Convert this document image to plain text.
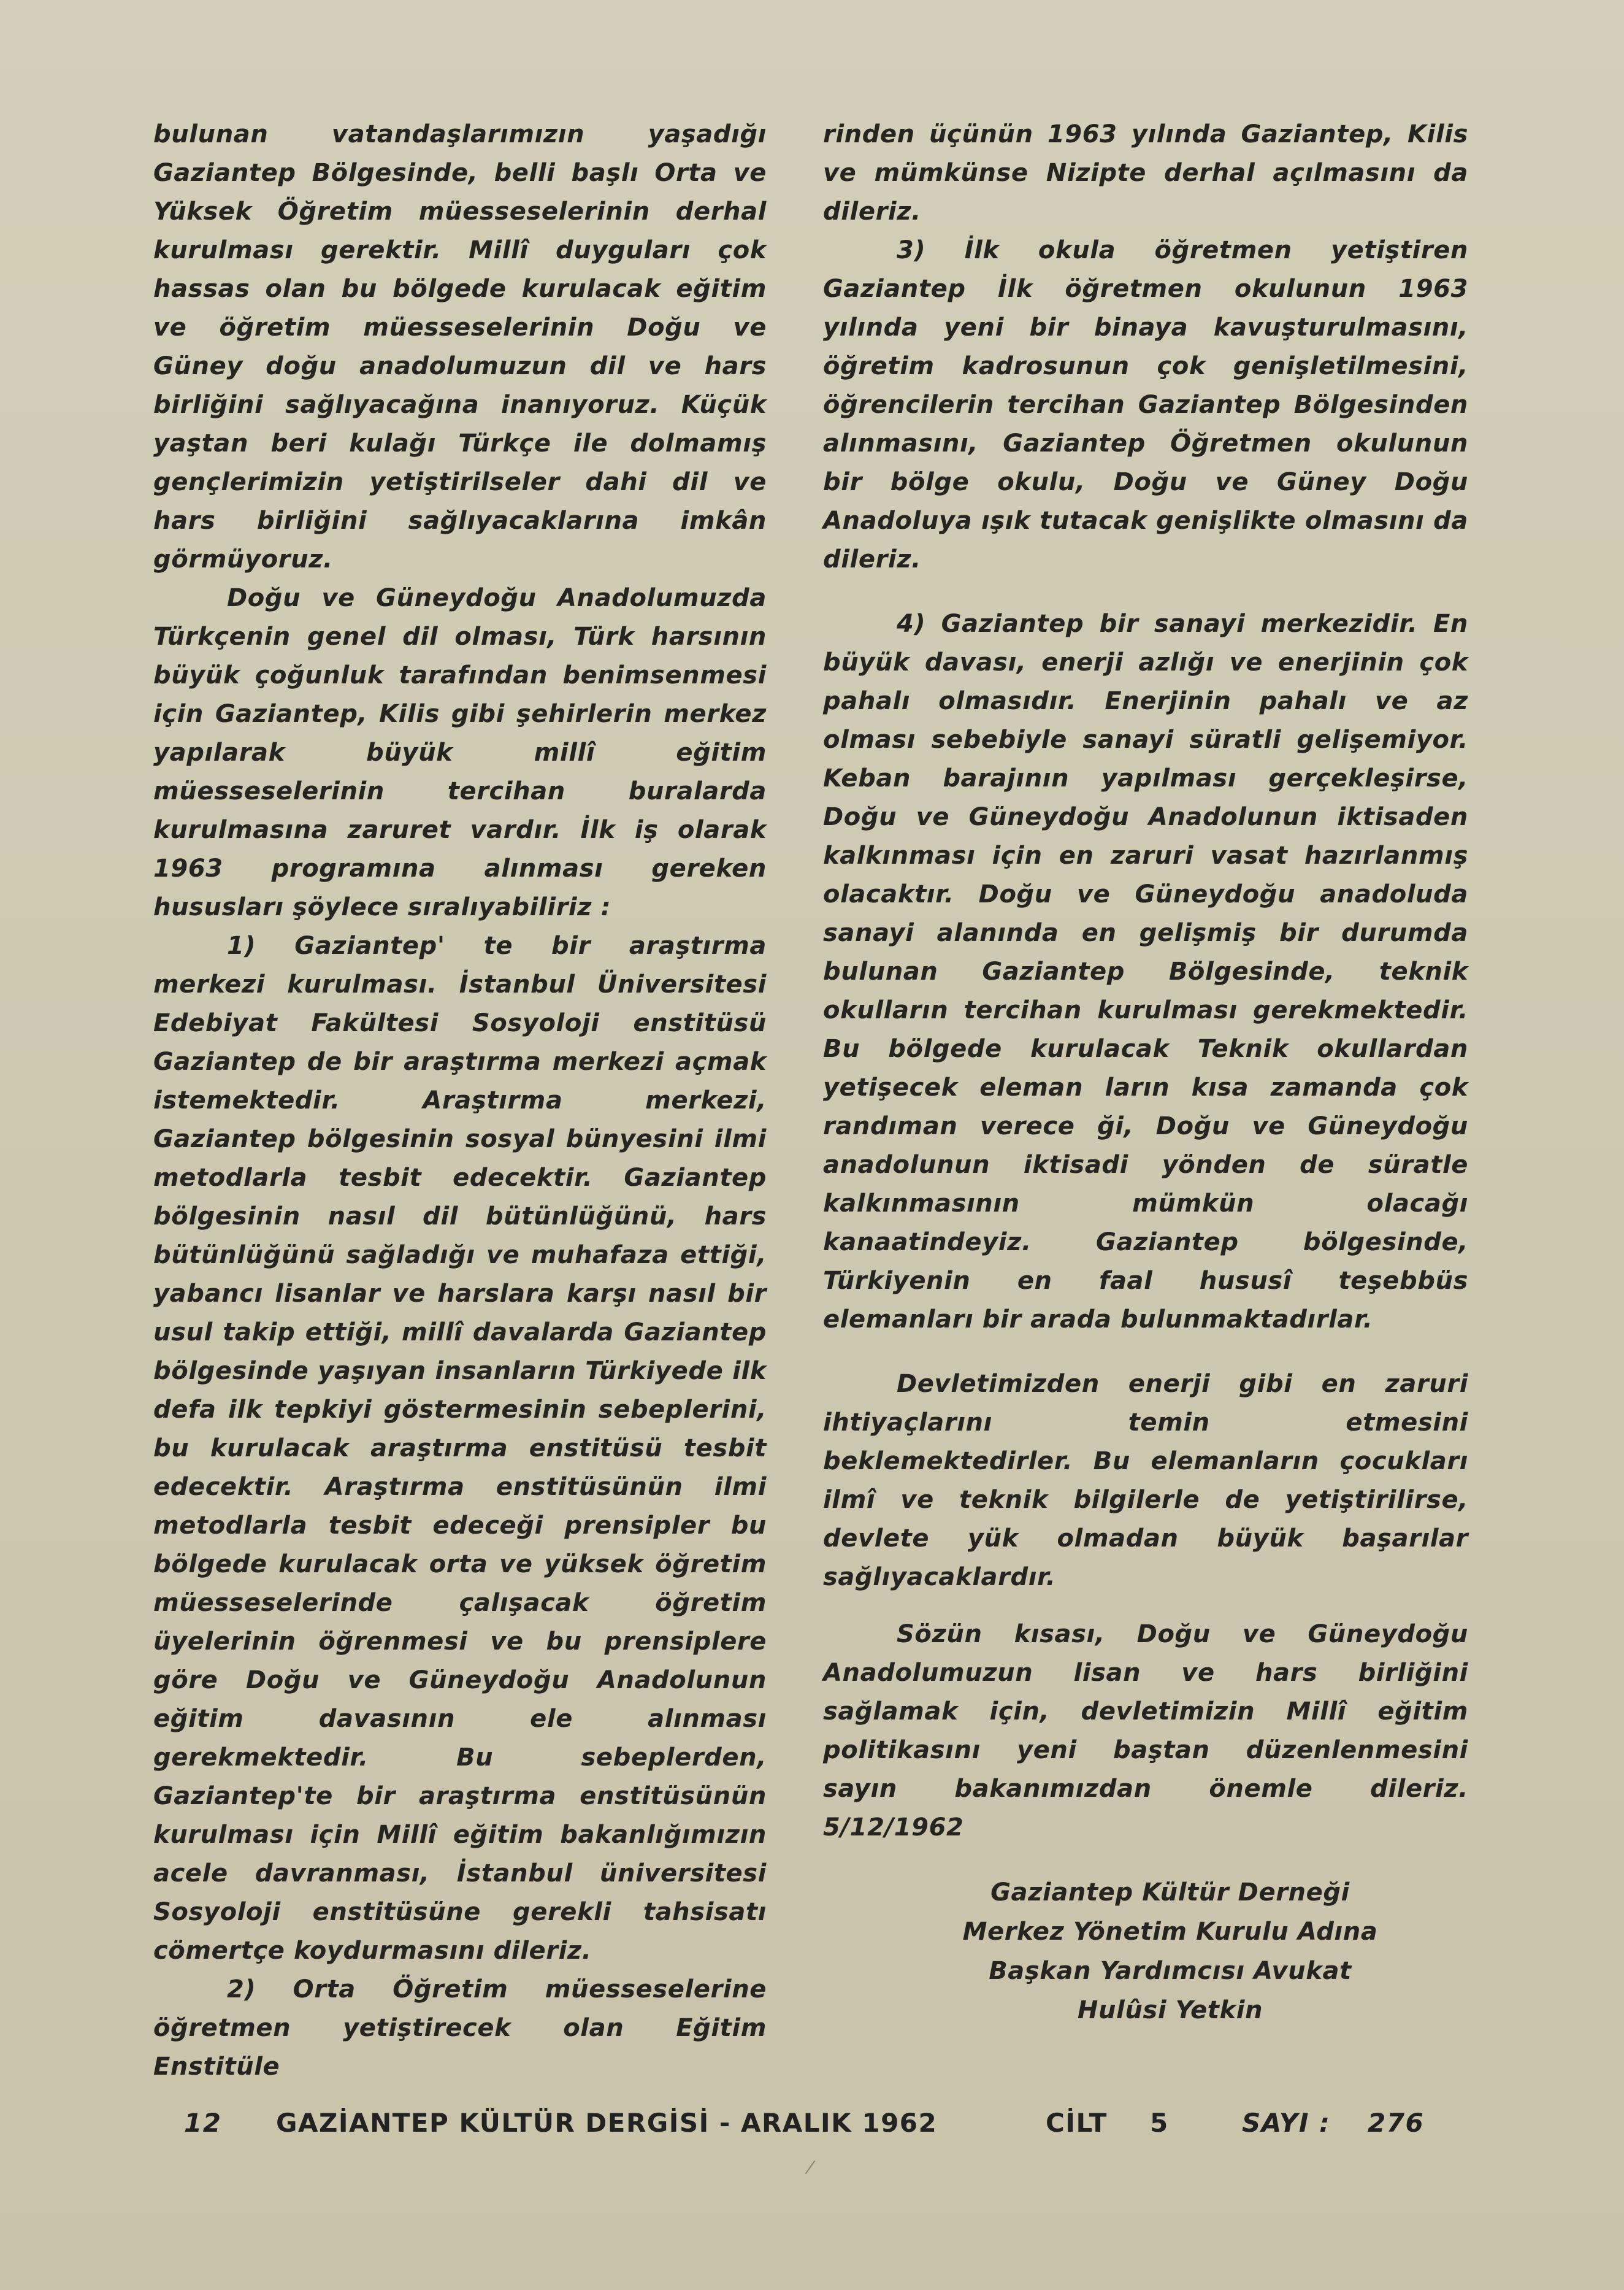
bulunan vatandaşlarımızın yaşadığı Gaziantep Bölgesinde, belli başlı Orta ve Yüksek Öğretim müesseselerinin derhal kurulması gerektir. Millî duyguları çok hassas olan bu bölgede kurulacak eğitim ve öğretim müesseselerinin Doğu ve Güney doğu anadolumuzun dil ve hars birliğini sağlıyacağına inanıyoruz. Küçük yaştan beri kulağı Türkçe ile dolmamış gençlerimizin yetiştirilseler dahi dil ve hars birliğini sağlıyacaklarına imkân görmüyoruz.

Doğu ve Güneydoğu Anadolumuzda Türkçenin genel dil olması, Türk harsının büyük çoğunluk tarafından benimsenmesi için Gaziantep, Kilis gibi şehirlerin merkez yapılarak büyük millî eğitim müesseselerinin tercihan buralarda kurulmasına zaruret vardır. İlk iş olarak 1963 programına alınması gereken hususları şöylece sıralıyabiliriz :

1) Gaziantep' te bir araştırma merkezi kurulması. İstanbul Üniversitesi Edebiyat Fakültesi Sosyoloji enstitüsü Gaziantep de bir araştırma merkezi açmak istemektedir. Araştırma merkezi, Gaziantep bölgesinin sosyal bünyesini ilmi metodlarla tesbit edecektir. Gaziantep bölgesinin nasıl dil bütünlüğünü, hars bütünlüğünü sağladığı ve muhafaza ettiği, yabancı lisanlar ve harslara karşı nasıl bir usul takip ettiği, millî davalarda Gaziantep bölgesinde yaşıyan insanların Türkiyede ilk defa ilk tepkiyi göstermesinin sebeplerini, bu kurulacak araştırma enstitüsü tesbit edecektir. Araştırma enstitüsünün ilmi metodlarla tesbit edeceği prensipler bu bölgede kurulacak orta ve yüksek öğretim müesseselerinde çalışacak öğretim üyelerinin öğrenmesi ve bu prensiplere göre Doğu ve Güneydoğu Anadolunun eğitim davasının ele alınması gerekmektedir. Bu sebeplerden, Gaziantep'te bir araştırma enstitüsünün kurulması için Millî eğitim bakanlığımızın acele davranması, İstanbul üniversitesi Sosyoloji enstitüsüne gerekli tahsisatı cömertçe koydurmasını dileriz.

2) Orta Öğretim müesseselerine öğretmen yetiştirecek olan Eğitim Enstitüle

rinden üçünün 1963 yılında Gaziantep, Kilis ve mümkünse Nizipte derhal açılmasını da dileriz.

3) İlk okula öğretmen yetiştiren Gaziantep İlk öğretmen okulunun 1963 yılında yeni bir binaya kavuşturulmasını, öğretim kadrosunun çok genişletilmesini, öğrencilerin tercihan Gaziantep Bölgesinden alınmasını, Gaziantep Öğretmen okulunun bir bölge okulu, Doğu ve Güney Doğu Anadoluya ışık tutacak genişlikte olmasını da dileriz.

4) Gaziantep bir sanayi merkezidir. En büyük davası, enerji azlığı ve enerjinin çok pahalı olmasıdır. Enerjinin pahalı ve az olması sebebiyle sanayi süratli gelişemiyor. Keban barajının yapılması gerçekleşirse, Doğu ve Güneydoğu Anadolunun iktisaden kalkınması için en zaruri vasat hazırlanmış olacaktır. Doğu ve Güneydoğu anadoluda sanayi alanında en gelişmiş bir durumda bulunan Gaziantep Bölgesinde, teknik okulların tercihan kurulması gerekmektedir. Bu bölgede kurulacak Teknik okullardan yetişecek eleman ların kısa zamanda çok randıman verece ği, Doğu ve Güneydoğu anadolunun iktisadi yönden de süratle kalkınmasının mümkün olacağı kanaatindeyiz. Gaziantep bölgesinde, Türkiyenin en faal hususî teşebbüs elemanları bir arada bulunmaktadırlar.

Devletimizden enerji gibi en zaruri ihtiyaçlarını temin etmesini beklemektedirler. Bu elemanların çocukları ilmî ve teknik bilgilerle de yetiştirilirse, devlete yük olmadan büyük başarılar sağlıyacaklardır.

Sözün kısası, Doğu ve Güneydoğu Anadolumuzun lisan ve hars birliğini sağlamak için, devletimizin Millî eğitim politikasını yeni baştan düzenlenmesini sayın bakanımızdan önemle dileriz. 5/12/1962

Gaziantep Kültür Derneği
Merkez Yönetim Kurulu Adına
Başkan Yardımcısı Avukat
Hulûsi Yetkin
12 GAZİANTEP KÜLTÜR DERGİSİ - ARALIK 1962	CİLT 5	SAYI : 276
